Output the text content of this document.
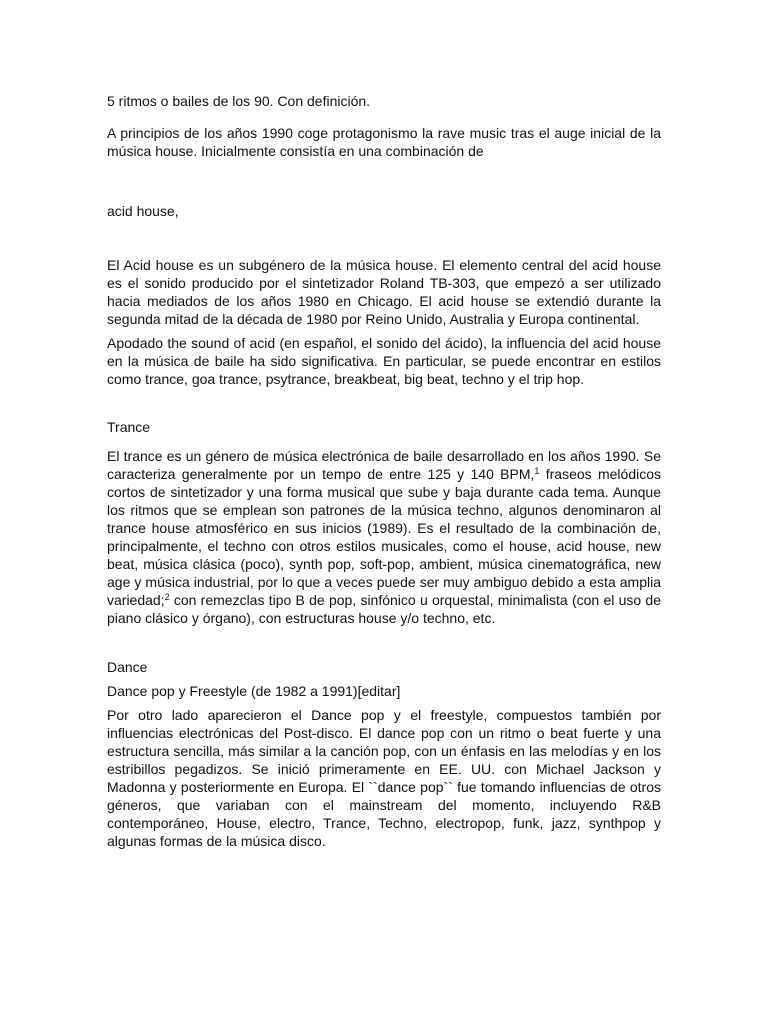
5 ritmos o bailes de los 90. Con definición.

A principios de los años 1990 coge protagonismo la rave music tras el auge inicial de la música house. Inicialmente consistía en una combinación de

acid house,

El Acid house es un subgénero de la música house. El elemento central del acid house es el sonido producido por el sintetizador Roland TB-303, que empezó a ser utilizado hacia mediados de los años 1980 en Chicago. El acid house se extendió durante la segunda mitad de la década de 1980 por Reino Unido, Australia y Europa continental.

Apodado the sound of acid (en español, el sonido del ácido), la influencia del acid house en la música de baile ha sido significativa. En particular, se puede encontrar en estilos como trance, goa trance, psytrance, breakbeat, big beat, techno y el trip hop.

Trance

El trance es un género de música electrónica de baile desarrollado en los años 1990. Se caracteriza generalmente por un tempo de entre 125 y 140 BPM,$^1$ fraseos melódicos cortos de sintetizador y una forma musical que sube y baja durante cada tema. Aunque los ritmos que se emplean son patrones de la música techno, algunos denominaron al trance house atmosférico en sus inicios (1989). Es el resultado de la combinación de, principalmente, el techno con otros estilos musicales, como el house, acid house, new beat, música clásica (poco), synth pop, soft-pop, ambient, música cinematográfica, new age y música industrial, por lo que a veces puede ser muy ambiguo debido a esta amplia variedad;$^2$ con remezclas tipo B de pop, sinfónico u orquestal, minimalista (con el uso de piano clásico y órgano), con estructuras house y/o techno, etc.

Dance

Dance pop y Freestyle (de 1982 a 1991)[editar]

Por otro lado aparecieron el Dance pop y el freestyle, compuestos también por influencias electrónicas del Post-disco. El dance pop con un ritmo o beat fuerte y una estructura sencilla, más similar a la canción pop, con un énfasis en las melodías y en los estribillos pegadizos. Se inició primeramente en EE. UU. con Michael Jackson y Madonna y posteriormente en Europa. El ``dance pop`` fue tomando influencias de otros géneros, que variaban con el mainstream del momento, incluyendo R&B contemporáneo, House, electro, Trance, Techno, electropop, funk, jazz, synthpop y algunas formas de la música disco.
